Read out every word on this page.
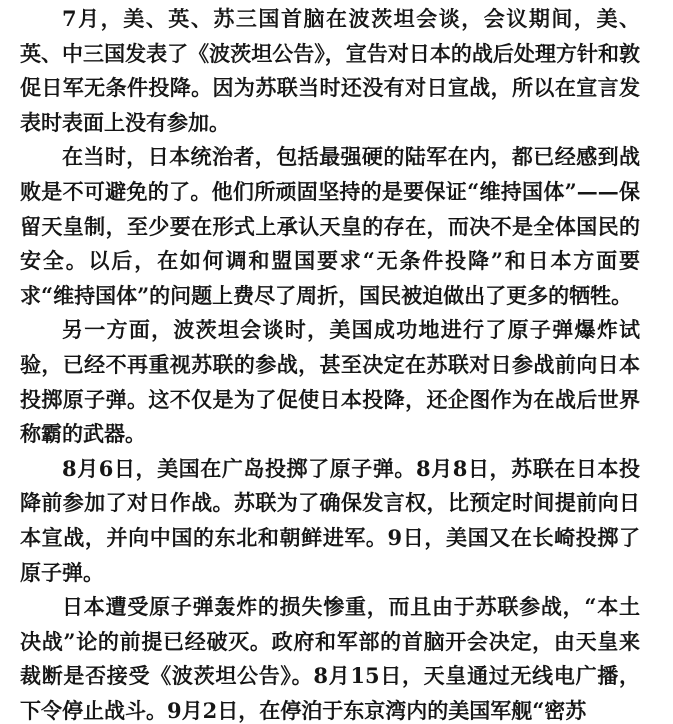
7月，美、英、苏三国首脑在波茨坦会谈，会议期间，美、英、中三国发表了《波茨坦公告》，宣告对日本的战后处理方针和敦促日军无条件投降。因为苏联当时还没有对日宣战，所以在宣言发表时表面上没有参加。

在当时，日本统治者，包括最强硬的陆军在内，都已经感到战败是不可避免的了。他们所顽固坚持的是要保证“维持国体”——保留天皇制，至少要在形式上承认天皇的存在，而决不是全体国民的安全。以后，在如何调和盟国要求“无条件投降”和日本方面要求“维持国体”的问题上费尽了周折，国民被迫做出了更多的牺牲。

另一方面，波茨坦会谈时，美国成功地进行了原子弹爆炸试验，已经不再重视苏联的参战，甚至决定在苏联对日参战前向日本投掷原子弹。这不仅是为了促使日本投降，还企图作为在战后世界称霸的武器。

8月6日，美国在广岛投掷了原子弹。8月8日，苏联在日本投降前参加了对日作战。苏联为了确保发言权，比预定时间提前向日本宣战，并向中国的东北和朝鲜进军。9日，美国又在长崎投掷了原子弹。

日本遭受原子弹轰炸的损失惨重，而且由于苏联参战，“本土决战”论的前提已经破灭。政府和军部的首脑开会决定，由天皇来裁断是否接受《波茨坦公告》。8月15日，天皇通过无线电广播，下令停止战斗。9月2日，在停泊于东京湾内的美国军舰“密苏
